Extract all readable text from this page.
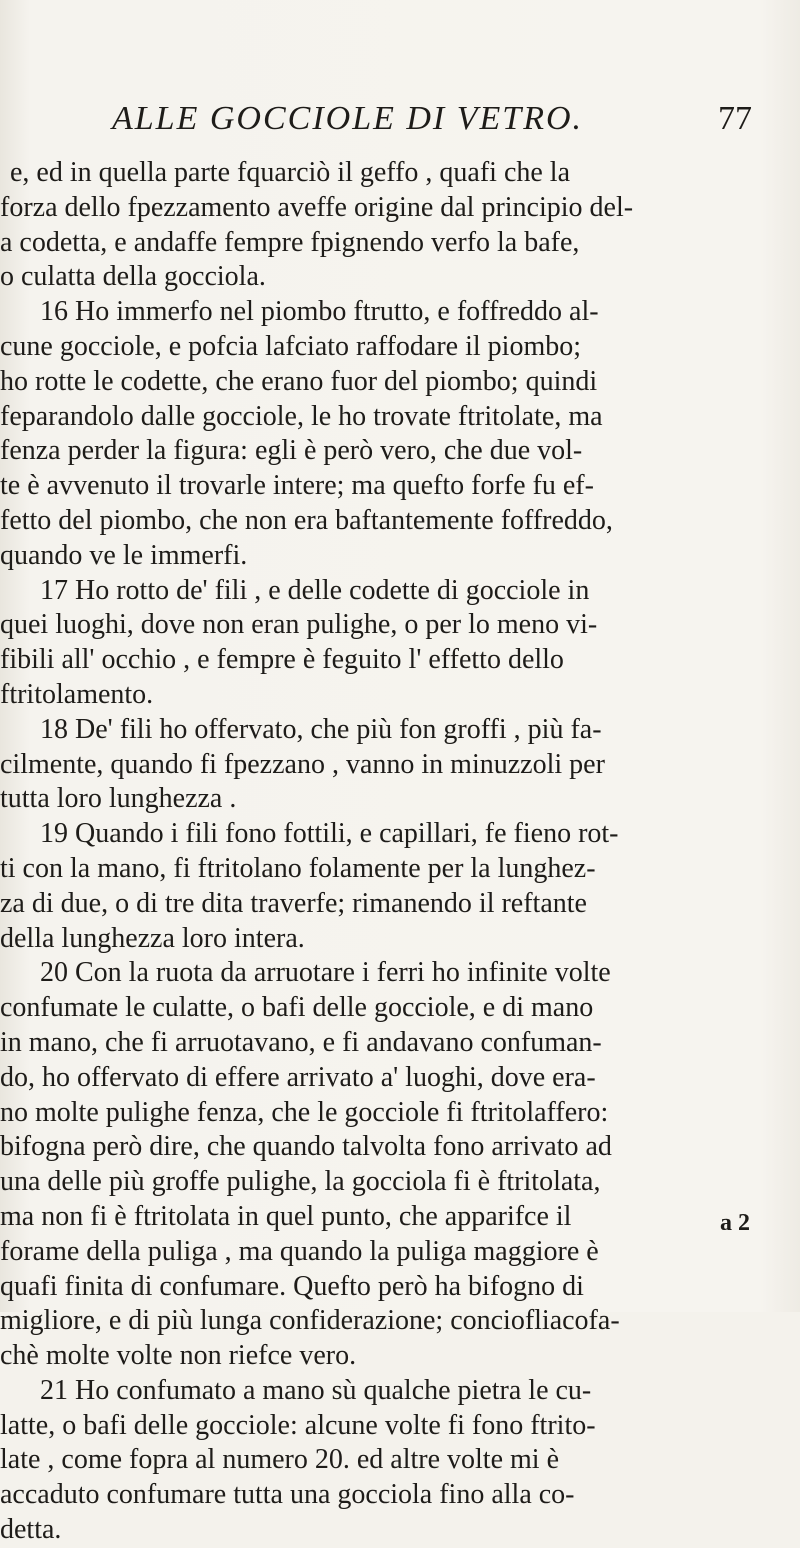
ALLE GOCCIOLE DI VETRO.	77
e, ed in quella parte fquarciò il geffo , quafi che la
forza dello fpezzamento aveffe origine dal principio del-
a codetta, e andaffe fempre fpignendo verfo la bafe,
o culatta della gocciola.
16 Ho immerfo nel piombo ftrutto, e foffreddo al-
cune gocciole, e pofcia lafciato raffodare il piombo;
ho rotte le codette, che erano fuor del piombo; quindi
feparandolo dalle gocciole, le ho trovate ftritolate, ma
fenza perder la figura: egli è però vero, che due vol-
te è avvenuto il trovarle intere; ma quefto forfe fu ef-
fetto del piombo, che non era baftantemente foffreddo,
quando ve le immerfi.
17 Ho rotto de' fili , e delle codette di gocciole in
quei luoghi, dove non eran pulighe, o per lo meno vi-
fibili all' occhio , e fempre è feguito l' effetto dello
ftritolamento.
18 De' fili ho offervato, che più fon groffi , più fa-
cilmente, quando fi fpezzano , vanno in minuzzoli per
tutta loro lunghezza .
19 Quando i fili fono fottili, e capillari, fe fieno rot-
ti con la mano, fi ftritolano folamente per la lunghez-
za di due, o di tre dita traverfe; rimanendo il reftante
della lunghezza loro intera.
20 Con la ruota da arruotare i ferri ho infinite volte
confumate le culatte, o bafi delle gocciole, e di mano
in mano, che fi arruotavano, e fi andavano confuman-
do, ho offervato di effere arrivato a' luoghi, dove era-
no molte pulighe fenza, che le gocciole fi ftritolaffero:
bifogna però dire, che quando talvolta fono arrivato ad
una delle più groffe pulighe, la gocciola fi è ftritolata,
ma non fi è ftritolata in quel punto, che apparifce il
forame della puliga , ma quando la puliga maggiore è
quafi finita di confumare. Quefto però ha bifogno di
migliore, e di più lunga confiderazione; conciofliacofa-
chè molte volte non riefce vero.
21 Ho confumato a mano sù qualche pietra le cu-
latte, o bafi delle gocciole: alcune volte fi fono ftrito-
late , come fopra al numero 20. ed altre volte mi è
accaduto confumare tutta una gocciola fino alla co-
detta.
a 2
